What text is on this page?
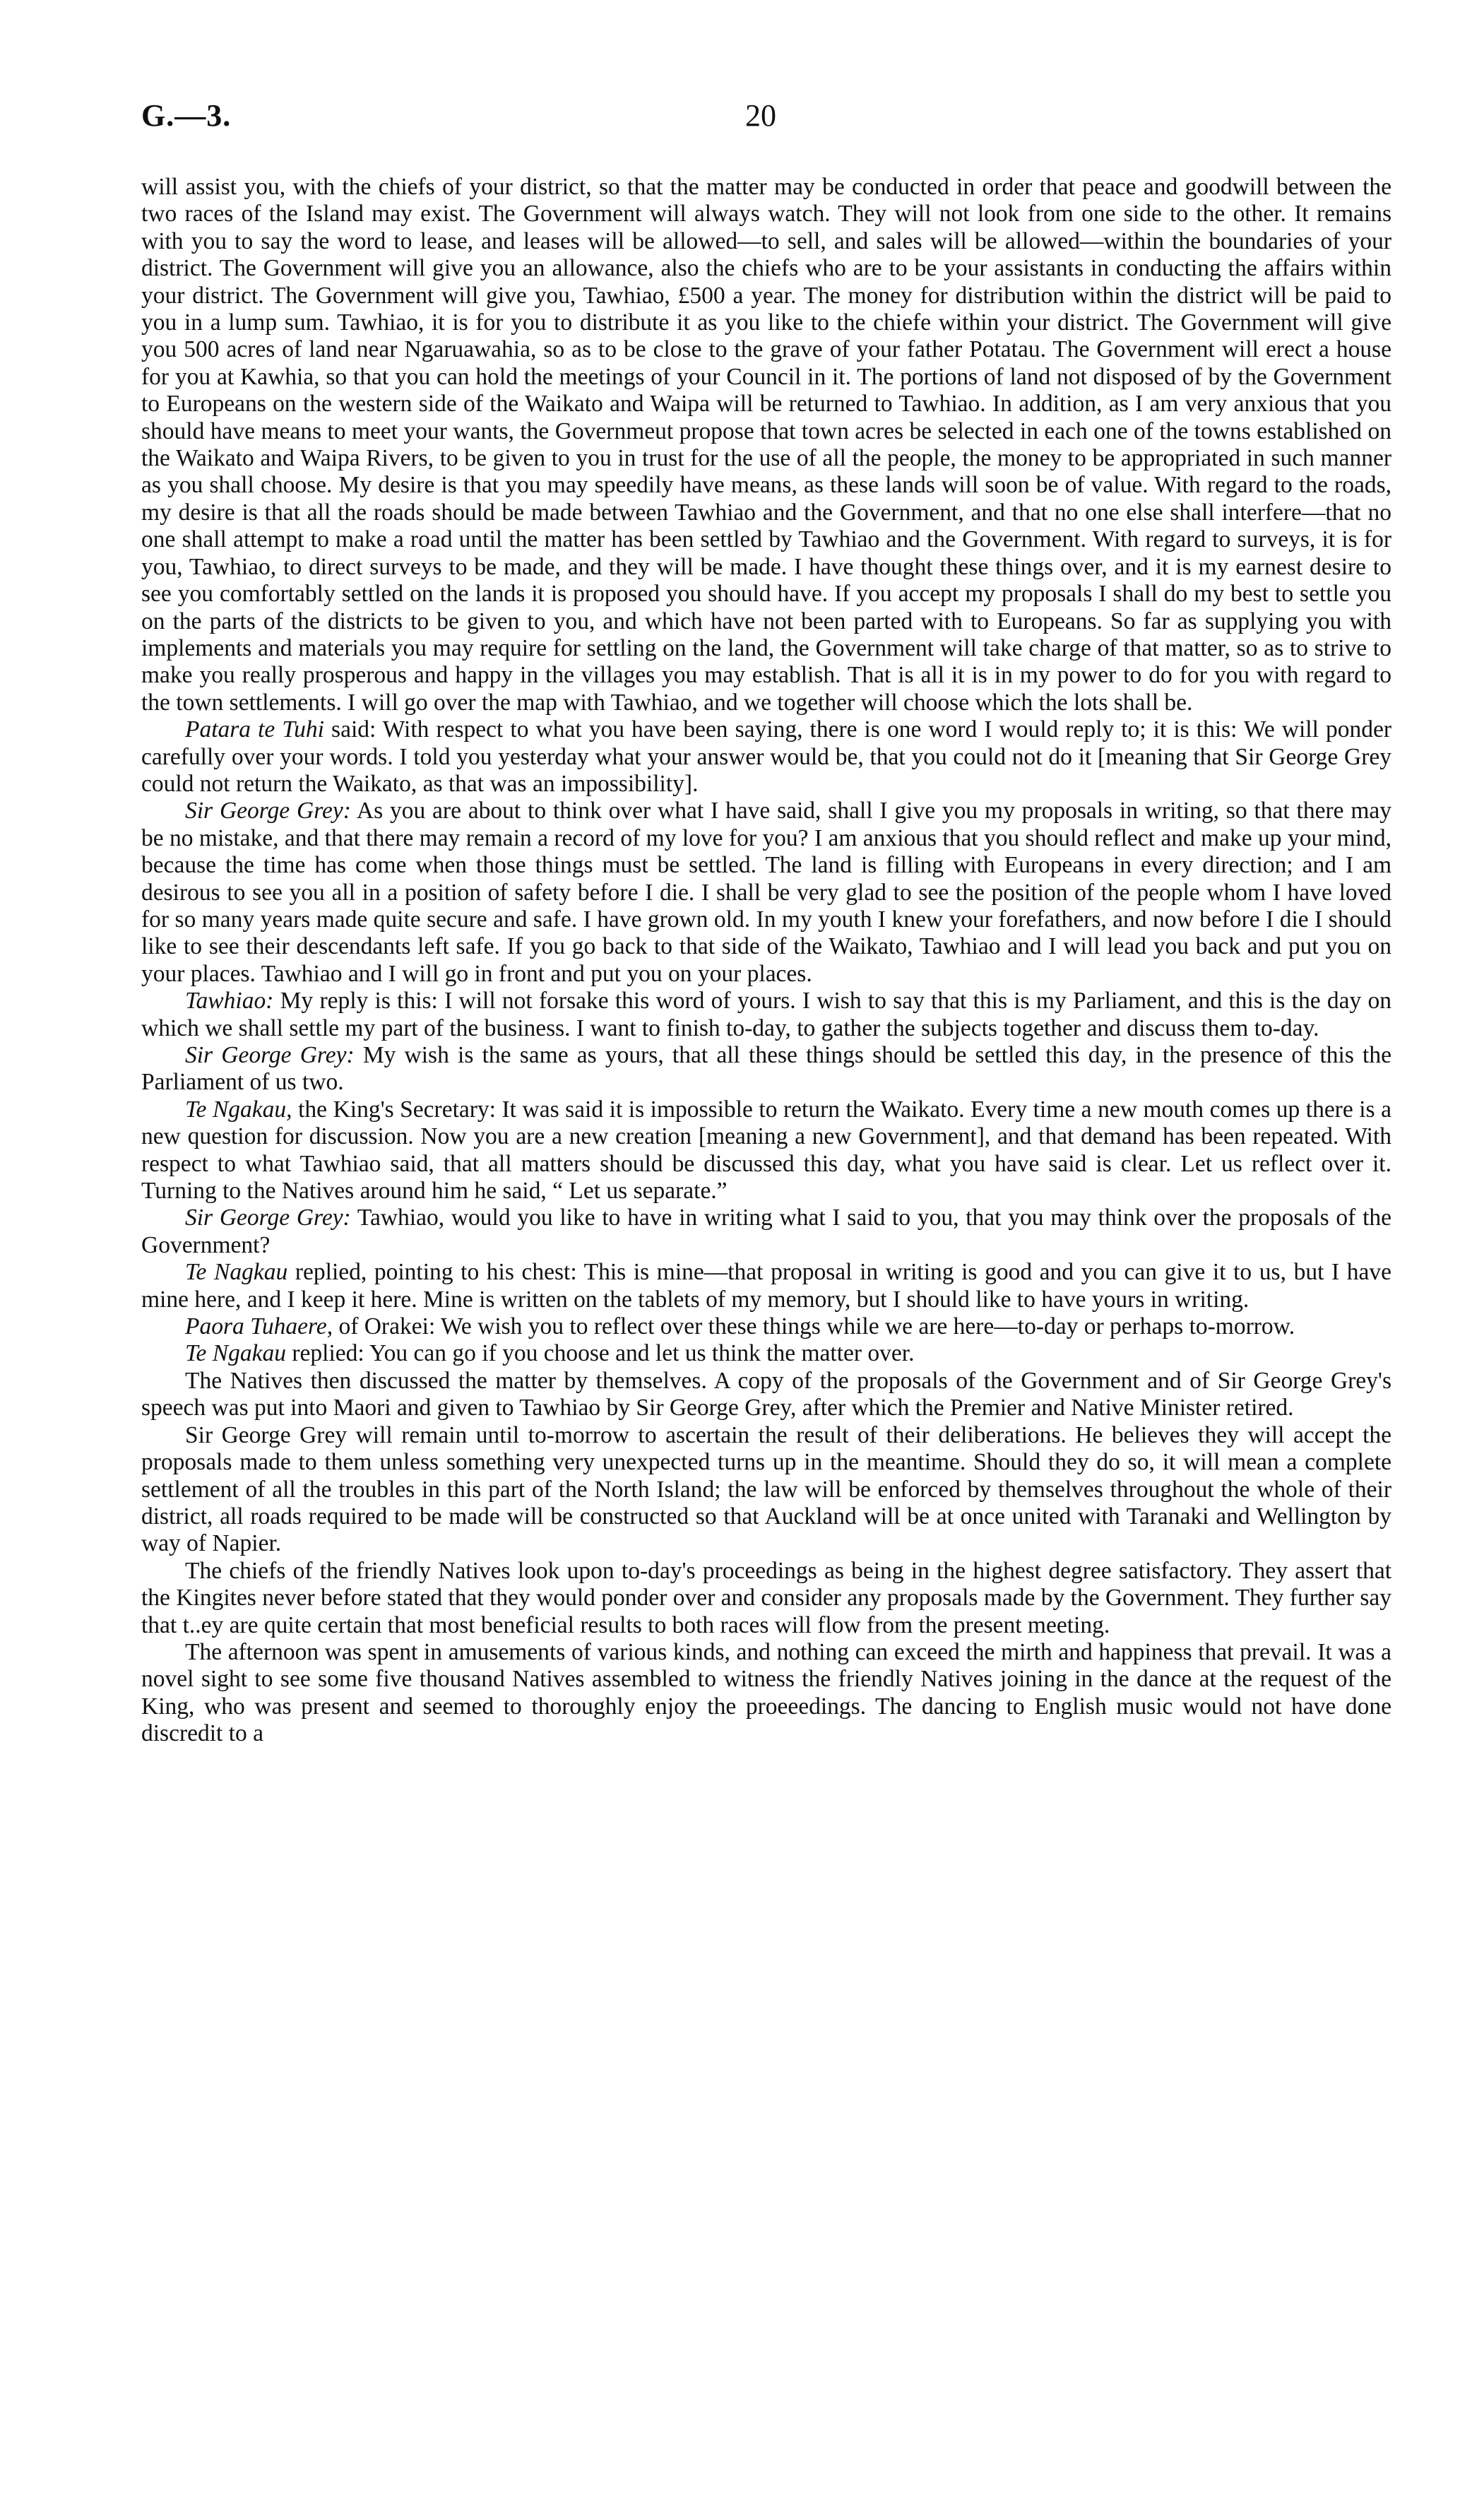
G.—3.	20

will assist you, with the chiefs of your district, so that the matter may be conducted in order that peace and goodwill between the two races of the Island may exist. The Government will always watch. They will not look from one side to the other. It remains with you to say the word to lease, and leases will be allowed—to sell, and sales will be allowed—within the boundaries of your district. The Government will give you an allowance, also the chiefs who are to be your assistants in conducting the affairs within your district. The Government will give you, Tawhiao, £500 a year. The money for distribution within the district will be paid to you in a lump sum. Tawhiao, it is for you to distribute it as you like to the chiefe within your district. The Government will give you 500 acres of land near Ngaruawahia, so as to be close to the grave of your father Potatau. The Government will erect a house for you at Kawhia, so that you can hold the meetings of your Council in it. The portions of land not disposed of by the Government to Europeans on the western side of the Waikato and Waipa will be returned to Tawhiao. In addition, as I am very anxious that you should have means to meet your wants, the Governmeut propose that town acres be selected in each one of the towns established on the Waikato and Waipa Rivers, to be given to you in trust for the use of all the people, the money to be appropriated in such manner as you shall choose. My desire is that you may speedily have means, as these lands will soon be of value. With regard to the roads, my desire is that all the roads should be made between Tawhiao and the Government, and that no one else shall interfere—that no one shall attempt to make a road until the matter has been settled by Tawhiao and the Government. With regard to surveys, it is for you, Tawhiao, to direct surveys to be made, and they will be made. I have thought these things over, and it is my earnest desire to see you comfortably settled on the lands it is proposed you should have. If you accept my proposals I shall do my best to settle you on the parts of the districts to be given to you, and which have not been parted with to Europeans. So far as supplying you with implements and materials you may require for settling on the land, the Government will take charge of that matter, so as to strive to make you really prosperous and happy in the villages you may establish. That is all it is in my power to do for you with regard to the town settlements. I will go over the map with Tawhiao, and we together will choose which the lots shall be.

Patara te Tuhi said: With respect to what you have been saying, there is one word I would reply to; it is this: We will ponder carefully over your words. I told you yesterday what your answer would be, that you could not do it [meaning that Sir George Grey could not return the Waikato, as that was an impossibility].

Sir George Grey: As you are about to think over what I have said, shall I give you my proposals in writing, so that there may be no mistake, and that there may remain a record of my love for you? I am anxious that you should reflect and make up your mind, because the time has come when those things must be settled. The land is filling with Europeans in every direction; and I am desirous to see you all in a position of safety before I die. I shall be very glad to see the position of the people whom I have loved for so many years made quite secure and safe. I have grown old. In my youth I knew your forefathers, and now before I die I should like to see their descendants left safe. If you go back to that side of the Waikato, Tawhiao and I will lead you back and put you on your places. Tawhiao and I will go in front and put you on your places.

Tawhiao: My reply is this: I will not forsake this word of yours. I wish to say that this is my Parliament, and this is the day on which we shall settle my part of the business. I want to finish to-day, to gather the subjects together and discuss them to-day.

Sir George Grey: My wish is the same as yours, that all these things should be settled this day, in the presence of this the Parliament of us two.

Te Ngakau, the King's Secretary: It was said it is impossible to return the Waikato. Every time a new mouth comes up there is a new question for discussion. Now you are a new creation [meaning a new Government], and that demand has been repeated. With respect to what Tawhiao said, that all matters should be discussed this day, what you have said is clear. Let us reflect over it. Turning to the Natives around him he said, “ Let us separate.”

Sir George Grey: Tawhiao, would you like to have in writing what I said to you, that you may think over the proposals of the Government?

Te Nagkau replied, pointing to his chest: This is mine—that proposal in writing is good and you can give it to us, but I have mine here, and I keep it here. Mine is written on the tablets of my memory, but I should like to have yours in writing.

Paora Tuhaere, of Orakei: We wish you to reflect over these things while we are here—to-day or perhaps to-morrow.

Te Ngakau replied: You can go if you choose and let us think the matter over.

The Natives then discussed the matter by themselves. A copy of the proposals of the Government and of Sir George Grey's speech was put into Maori and given to Tawhiao by Sir George Grey, after which the Premier and Native Minister retired.

Sir George Grey will remain until to-morrow to ascertain the result of their deliberations. He believes they will accept the proposals made to them unless something very unexpected turns up in the meantime. Should they do so, it will mean a complete settlement of all the troubles in this part of the North Island; the law will be enforced by themselves throughout the whole of their district, all roads required to be made will be constructed so that Auckland will be at once united with Taranaki and Wellington by way of Napier.

The chiefs of the friendly Natives look upon to-day's proceedings as being in the highest degree satisfactory. They assert that the Kingites never before stated that they would ponder over and consider any proposals made by the Government. They further say that t..ey are quite certain that most beneficial results to both races will flow from the present meeting.

The afternoon was spent in amusements of various kinds, and nothing can exceed the mirth and happiness that prevail. It was a novel sight to see some five thousand Natives assembled to witness the friendly Natives joining in the dance at the request of the King, who was present and seemed to thoroughly enjoy the proeeedings. The dancing to English music would not have done discredit to a
